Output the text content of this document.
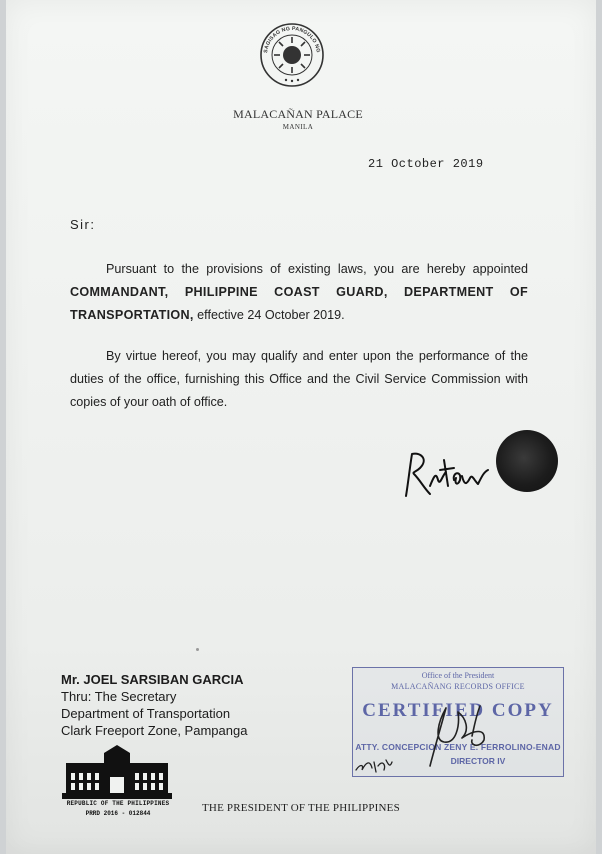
SAGISAG NG PANGULO NG
MALACAÑAN PALACE
MANILA
21 October 2019
Sir:
Pursuant to the provisions of existing laws, you are hereby appointed COMMANDANT, PHILIPPINE COAST GUARD, DEPARTMENT OF TRANSPORTATION, effective 24 October 2019.
By virtue hereof, you may qualify and enter upon the performance of the duties of the office, furnishing this Office and the Civil Service Commission with copies of your oath of office.
Mr. JOEL SARSIBAN GARCIA
Thru: The Secretary
Department of Transportation
Clark Freeport Zone, Pampanga
Office of the President
MALACAÑANG RECORDS OFFICE
CERTIFIED COPY
ATTY. CONCEPCION ZENY E. FERROLINO-ENAD
DIRECTOR IV
REPUBLIC OF THE PHILIPPINES
PRRD 2016 - 012844	THE PRESIDENT OF THE PHILIPPINES
